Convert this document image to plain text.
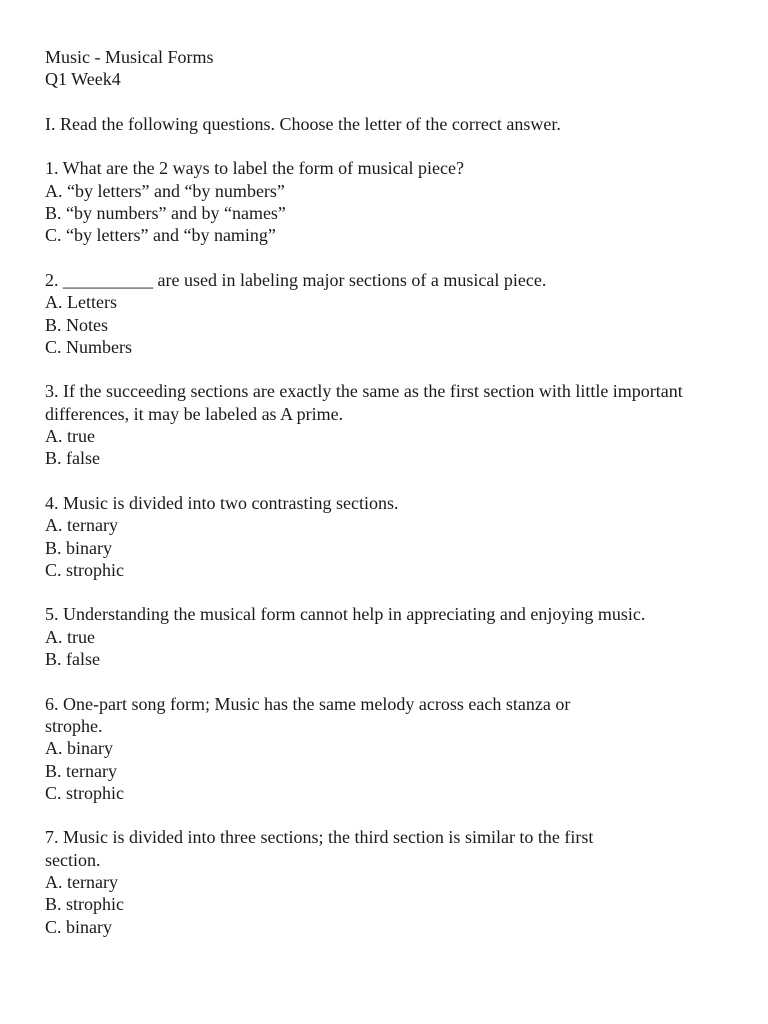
Music - Musical Forms
Q1 Week4
I. Read the following questions. Choose the letter of the correct answer.
1. What are the 2 ways to label the form of musical piece?
A. “by letters” and “by numbers”
B. “by numbers” and by “names”
C. “by letters” and “by naming”
2. __________ are used in labeling major sections of a musical piece.
A. Letters
B. Notes
C. Numbers
3. If the succeeding sections are exactly the same as the first section with little important
differences, it may be labeled as A prime.
A. true
B. false
4. Music is divided into two contrasting sections.
A. ternary
B. binary
C. strophic
5. Understanding the musical form cannot help in appreciating and enjoying music.
A. true
B. false
6. One-part song form; Music has the same melody across each stanza or
strophe.
A. binary
B. ternary
C. strophic
7. Music is divided into three sections; the third section is similar to the first
section.
A. ternary
B. strophic
C. binary
